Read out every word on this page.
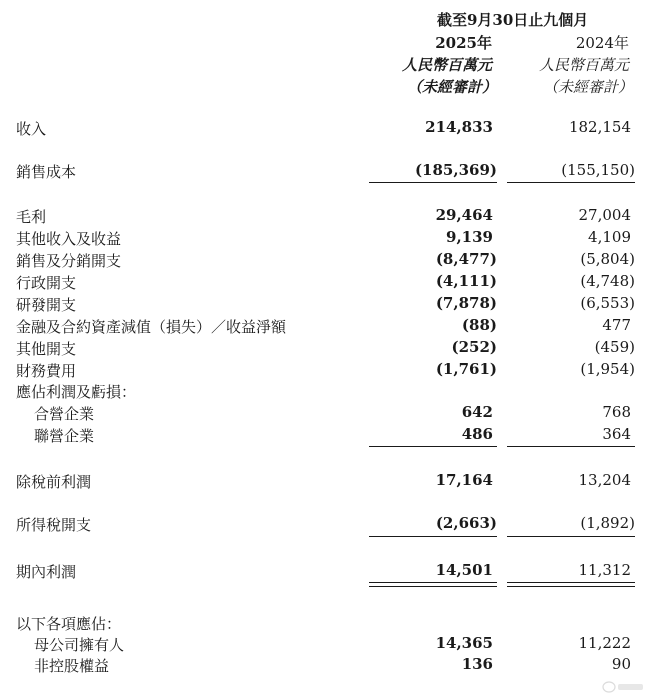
截至9月30日止九個月
2025年	2024年
人民幣百萬元	人民幣百萬元
（未經審計）	（未經審計）
收入	214,833	182,154
銷售成本	(185,369)	(155,150)
毛利	29,464	27,004
其他收入及收益	9,139	4,109
銷售及分銷開支	(8,477)	(5,804)
行政開支	(4,111)	(4,748)
研發開支	(7,878)	(6,553)
金融及合約資產減值（損失）／收益淨額	(88)	477
其他開支	(252)	(459)
財務費用	(1,761)	(1,954)
應佔利潤及虧損：
合營企業	642	768
聯營企業	486	364
除稅前利潤	17,164	13,204
所得稅開支	(2,663)	(1,892)
期內利潤	14,501	11,312
以下各項應佔：
母公司擁有人	14,365	11,222
非控股權益	136	90
